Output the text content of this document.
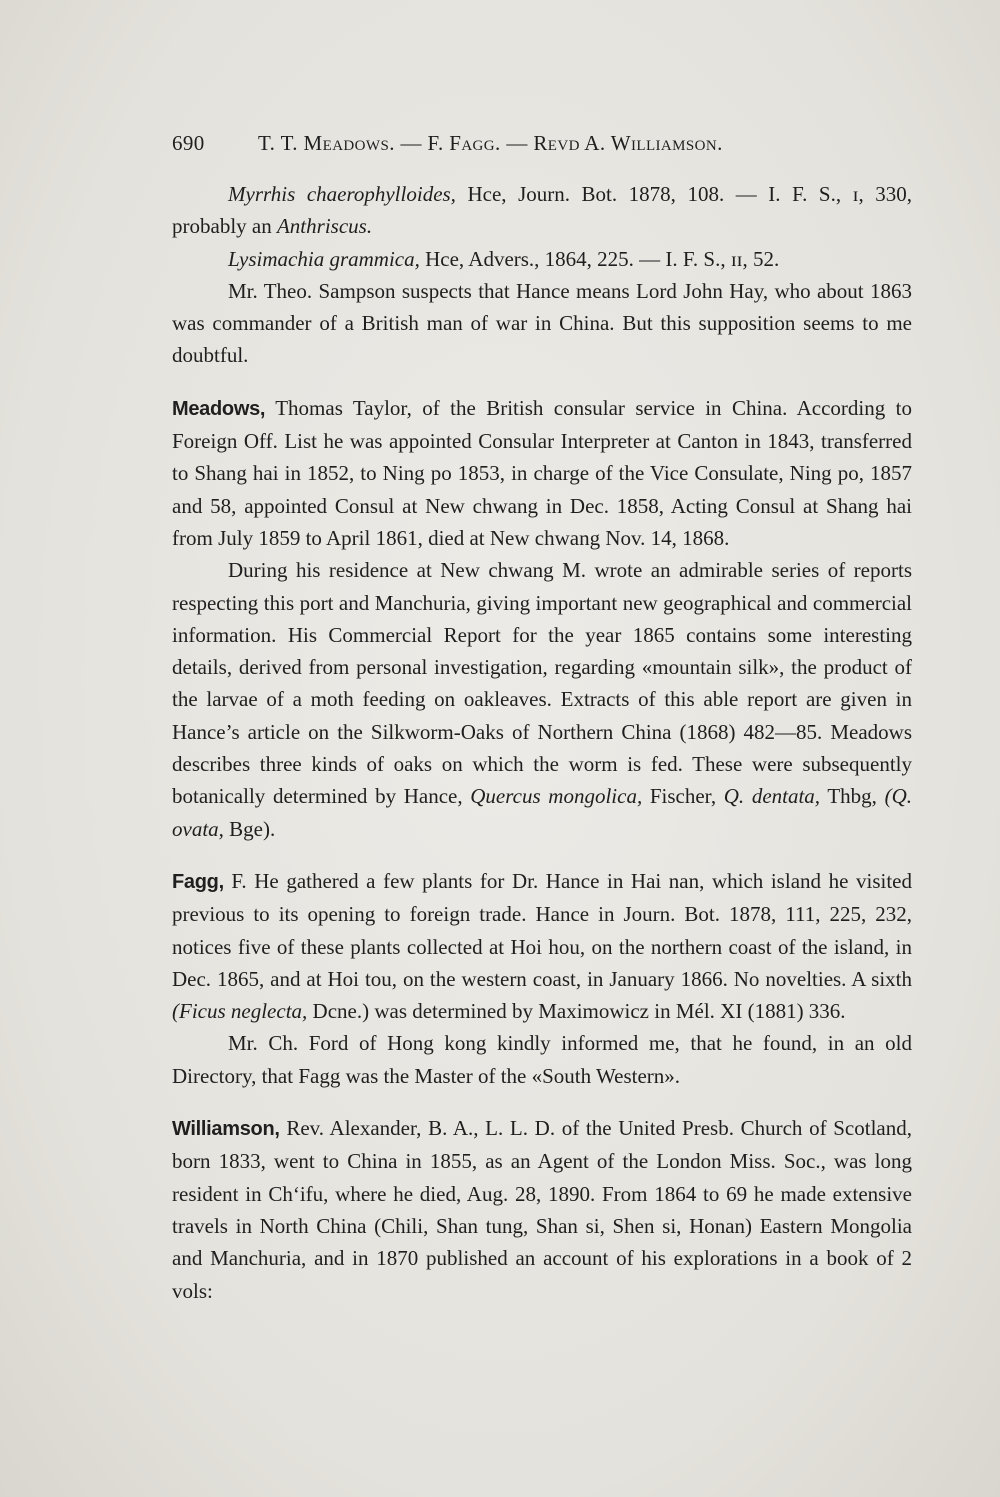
690	T. T. Meadows. — F. Fagg. — Revd A. Williamson.

Myrrhis chaerophylloides, Hce, Journ. Bot. 1878, 108. — I. F. S., ɪ, 330, probably an Anthriscus.

Lysimachia grammica, Hce, Advers., 1864, 225. — I. F. S., ɪɪ, 52.

Mr. Theo. Sampson suspects that Hance means Lord John Hay, who about 1863 was commander of a British man of war in China. But this supposition seems to me doubtful.

Meadows, Thomas Taylor, of the British consular service in China. According to Foreign Off. List he was appointed Consular Interpreter at Canton in 1843, transferred to Shang hai in 1852, to Ning po 1853, in charge of the Vice Consulate, Ning po, 1857 and 58, appointed Consul at New chwang in Dec. 1858, Acting Consul at Shang hai from July 1859 to April 1861, died at New chwang Nov. 14, 1868.

During his residence at New chwang M. wrote an admirable series of reports respecting this port and Manchuria, giving important new geographical and commercial information. His Commercial Report for the year 1865 contains some interesting details, derived from personal investigation, regarding «mountain silk», the product of the larvae of a moth feeding on oakleaves. Extracts of this able report are given in Hance’s article on the Silkworm-Oaks of Northern China (1868) 482—85. Meadows describes three kinds of oaks on which the worm is fed. These were subsequently botanically determined by Hance, Quercus mongolica, Fischer, Q. dentata, Thbg, (Q. ovata, Bge).

Fagg, F. He gathered a few plants for Dr. Hance in Hai nan, which island he visited previous to its opening to foreign trade. Hance in Journ. Bot. 1878, 111, 225, 232, notices five of these plants collected at Hoi hou, on the northern coast of the island, in Dec. 1865, and at Hoi tou, on the western coast, in January 1866. No novelties. A sixth (Ficus neglecta, Dcne.) was determined by Maximowicz in Mél. XI (1881) 336.

Mr. Ch. Ford of Hong kong kindly informed me, that he found, in an old Directory, that Fagg was the Master of the «South Western».

Williamson, Rev. Alexander, B. A., L. L. D. of the United Presb. Church of Scotland, born 1833, went to China in 1855, as an Agent of the London Miss. Soc., was long resident in Chʻifu, where he died, Aug. 28, 1890. From 1864 to 69 he made extensive travels in North China (Chili, Shan tung, Shan si, Shen si, Honan) Eastern Mongolia and Manchuria, and in 1870 published an account of his explorations in a book of 2 vols:
